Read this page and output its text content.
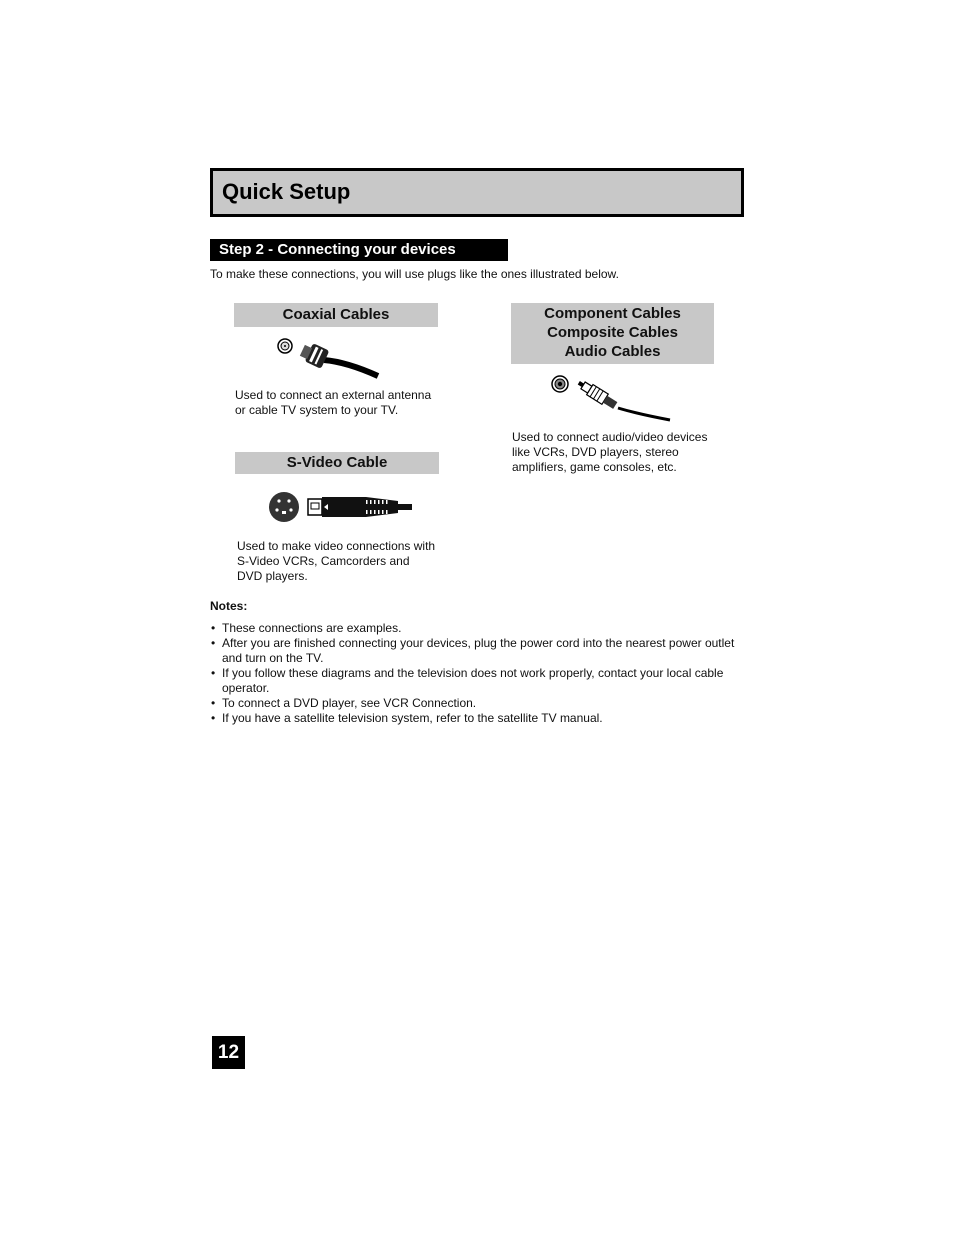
Quick Setup
Step 2 - Connecting your devices
To make these connections, you will use plugs like the ones illustrated below.
Coaxial Cables
Used to connect an external antenna or cable TV system to your TV.
S-Video Cable
Used to make video connections with S-Video VCRs, Camcorders and DVD players.
Component Cables
Composite Cables
Audio Cables
Used to connect audio/video devices like VCRs, DVD players, stereo amplifiers, game consoles, etc.
Notes:
• These connections are examples.
• After you are finished connecting your devices, plug the power cord into the nearest power outlet and turn on the TV.
• If you follow these diagrams and the television does not work properly, contact your local cable operator.
• To connect a DVD player, see VCR Connection.
• If you have a satellite television system, refer to the satellite TV manual.
12
